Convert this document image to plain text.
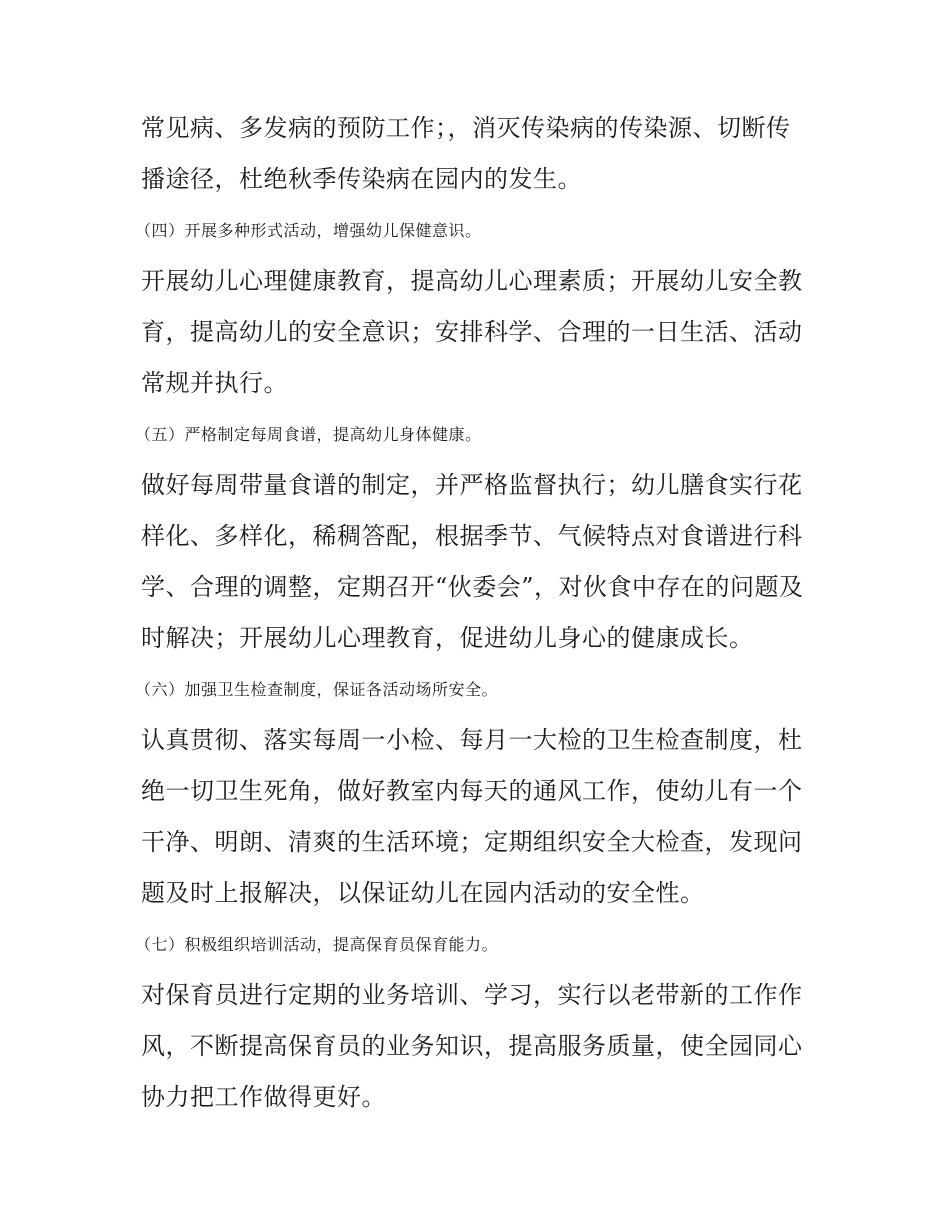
常见病、多发病的预防工作；，消灭传染病的传染源、切断传
播途径，杜绝秋季传染病在园内的发生。
（四）开展多种形式活动，增强幼儿保健意识。
开展幼儿心理健康教育，提高幼儿心理素质；开展幼儿安全教
育，提高幼儿的安全意识；安排科学、合理的一日生活、活动
常规并执行。
（五）严格制定每周食谱，提高幼儿身体健康。
做好每周带量食谱的制定，并严格监督执行；幼儿膳食实行花
样化、多样化，稀稠答配，根据季节、气候特点对食谱进行科
学、合理的调整，定期召开“伙委会”，对伙食中存在的问题及
时解决；开展幼儿心理教育，促进幼儿身心的健康成长。
（六）加强卫生检查制度，保证各活动场所安全。
认真贯彻、落实每周一小检、每月一大检的卫生检查制度，杜
绝一切卫生死角，做好教室内每天的通风工作，使幼儿有一个
干净、明朗、清爽的生活环境；定期组织安全大检查，发现问
题及时上报解决，以保证幼儿在园内活动的安全性。
（七）积极组织培训活动，提高保育员保育能力。
对保育员进行定期的业务培训、学习，实行以老带新的工作作
风，不断提高保育员的业务知识，提高服务质量，使全园同心
协力把工作做得更好。
